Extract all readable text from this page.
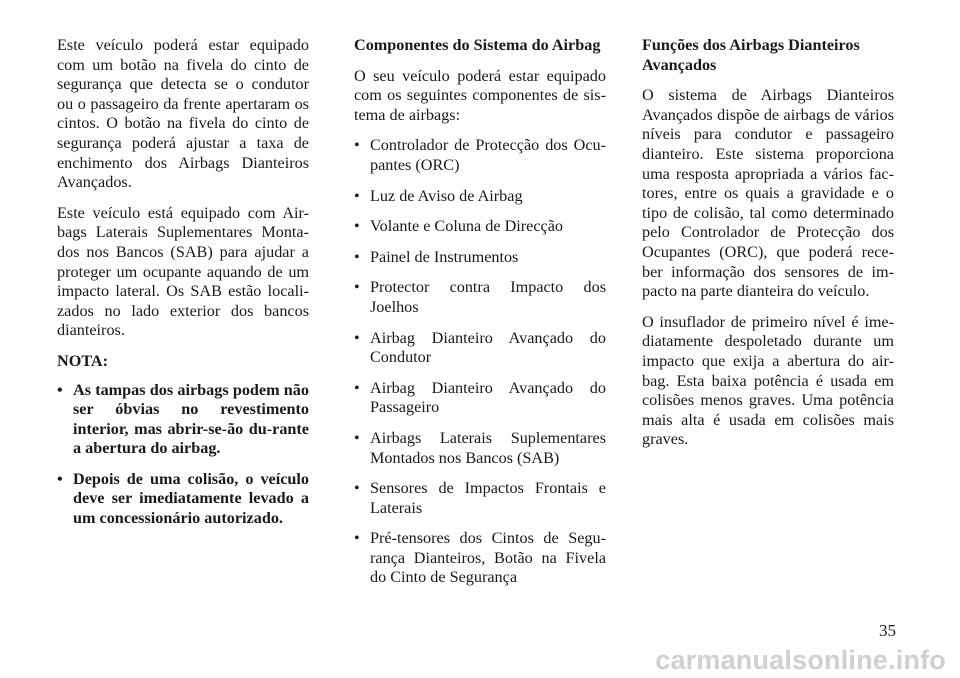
Este veículo poderá estar equipado com um botão na fivela do cinto de segurança que detecta se o condutor ou o passageiro da frente apertaram os cintos. O botão na fivela do cinto de segurança poderá ajustar a taxa de enchimento dos Airbags Dianteiros Avançados.

Este veículo está equipado com Air-bags Laterais Suplementares Monta-dos nos Bancos (SAB) para ajudar a proteger um ocupante aquando de um impacto lateral. Os SAB estão locali-zados no lado exterior dos bancos dianteiros.

NOTA:

• As tampas dos airbags podem não ser óbvias no revestimento interior, mas abrir-se-ão du-rante a abertura do airbag.
• Depois de uma colisão, o veículo deve ser imediatamente levado a um concessionário autorizado.
Componentes do Sistema do Airbag

O seu veículo poderá estar equipado com os seguintes componentes de sis-tema de airbags:

• Controlador de Protecção dos Ocu-pantes (ORC)
• Luz de Aviso de Airbag
• Volante e Coluna de Direcção
• Painel de Instrumentos
• Protector contra Impacto dos Joelhos
• Airbag Dianteiro Avançado do Condutor
• Airbag Dianteiro Avançado do Passageiro
• Airbags Laterais Suplementares Montados nos Bancos (SAB)
• Sensores de Impactos Frontais e Laterais
• Pré-tensores dos Cintos de Segu-rança Dianteiros, Botão na Fivela do Cinto de Segurança
Funções dos Airbags Dianteiros Avançados

O sistema de Airbags Dianteiros Avançados dispõe de airbags de vários níveis para condutor e passageiro dianteiro. Este sistema proporciona uma resposta apropriada a vários fac-tores, entre os quais a gravidade e o tipo de colisão, tal como determinado pelo Controlador de Protecção dos Ocupantes (ORC), que poderá rece-ber informação dos sensores de im-pacto na parte dianteira do veículo.

O insuflador de primeiro nível é ime-diatamente despoletado durante um impacto que exija a abertura do air-bag. Esta baixa potência é usada em colisões menos graves. Uma potência mais alta é usada em colisões mais graves.

35
carmanualsonline.info
